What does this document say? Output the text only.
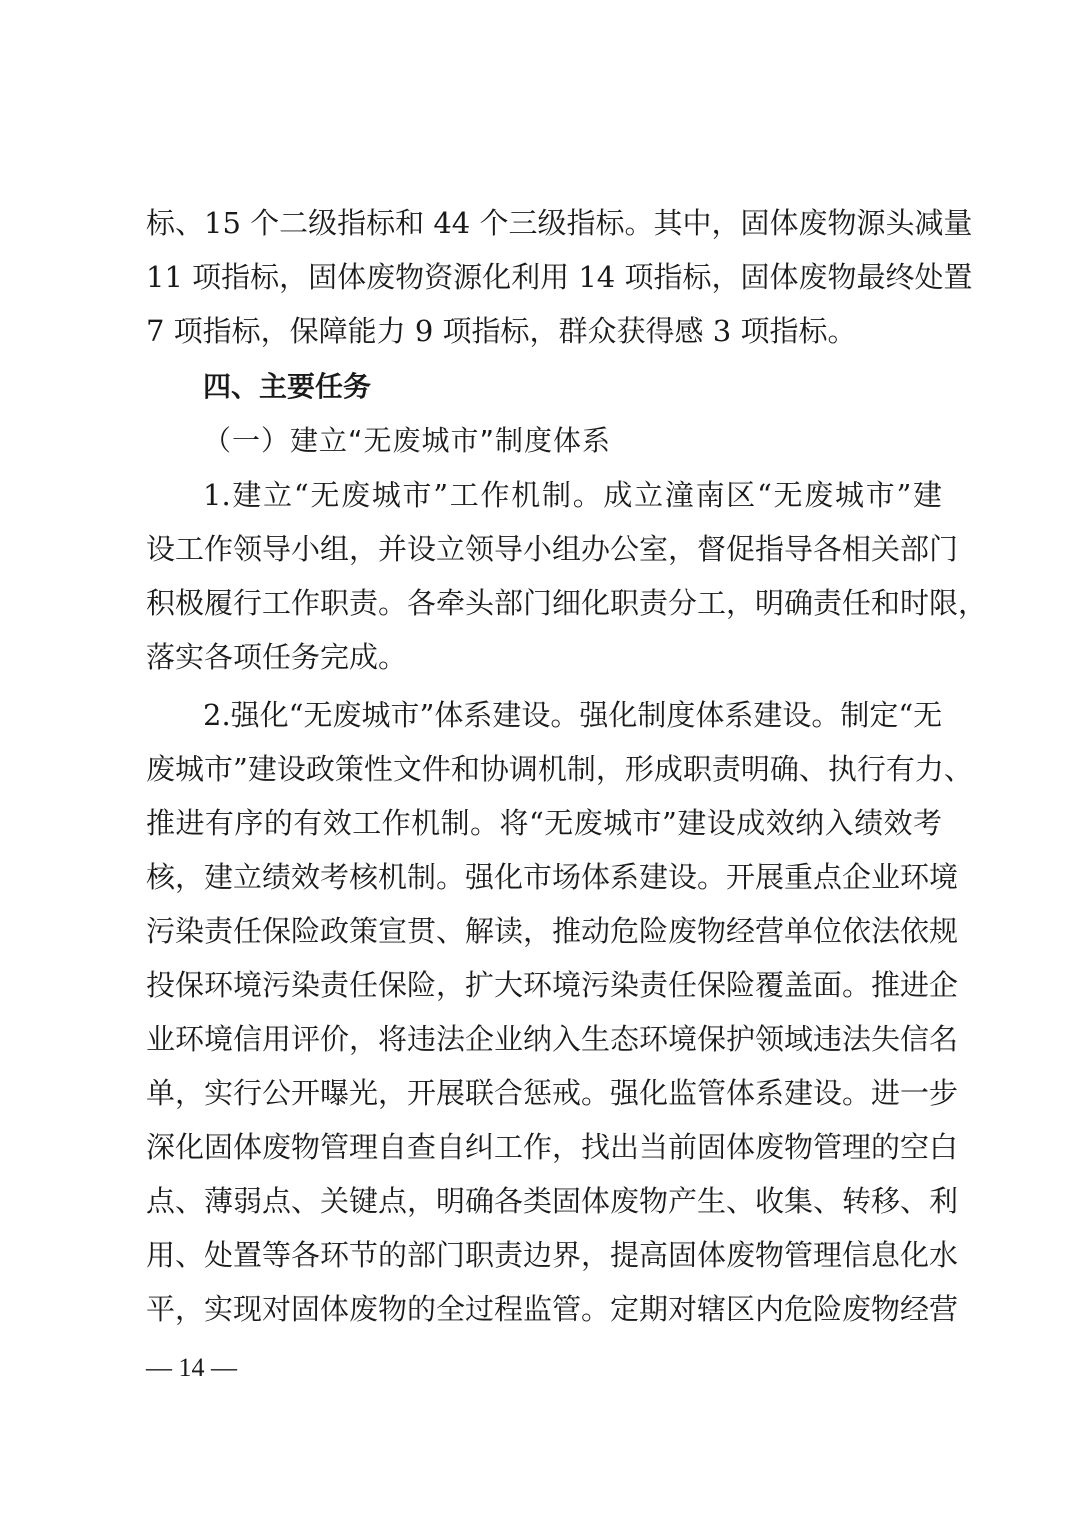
标、15 个二级指标和 44 个三级指标。其中，固体废物源头减量
11 项指标，固体废物资源化利用 14 项指标，固体废物最终处置
7 项指标，保障能力 9 项指标，群众获得感 3 项指标。
四、主要任务
（一）建立“无废城市”制度体系
1.建立“无废城市”工作机制。成立潼南区“无废城市”建
设工作领导小组，并设立领导小组办公室，督促指导各相关部门
积极履行工作职责。各牵头部门细化职责分工，明确责任和时限，
落实各项任务完成。
2.强化“无废城市”体系建设。强化制度体系建设。制定“无
废城市”建设政策性文件和协调机制，形成职责明确、执行有力、
推进有序的有效工作机制。将“无废城市”建设成效纳入绩效考
核，建立绩效考核机制。强化市场体系建设。开展重点企业环境
污染责任保险政策宣贯、解读，推动危险废物经营单位依法依规
投保环境污染责任保险，扩大环境污染责任保险覆盖面。推进企
业环境信用评价，将违法企业纳入生态环境保护领域违法失信名
单，实行公开曝光，开展联合惩戒。强化监管体系建设。进一步
深化固体废物管理自查自纠工作，找出当前固体废物管理的空白
点、薄弱点、关键点，明确各类固体废物产生、收集、转移、利
用、处置等各环节的部门职责边界，提高固体废物管理信息化水
平，实现对固体废物的全过程监管。定期对辖区内危险废物经营
— 14 —
